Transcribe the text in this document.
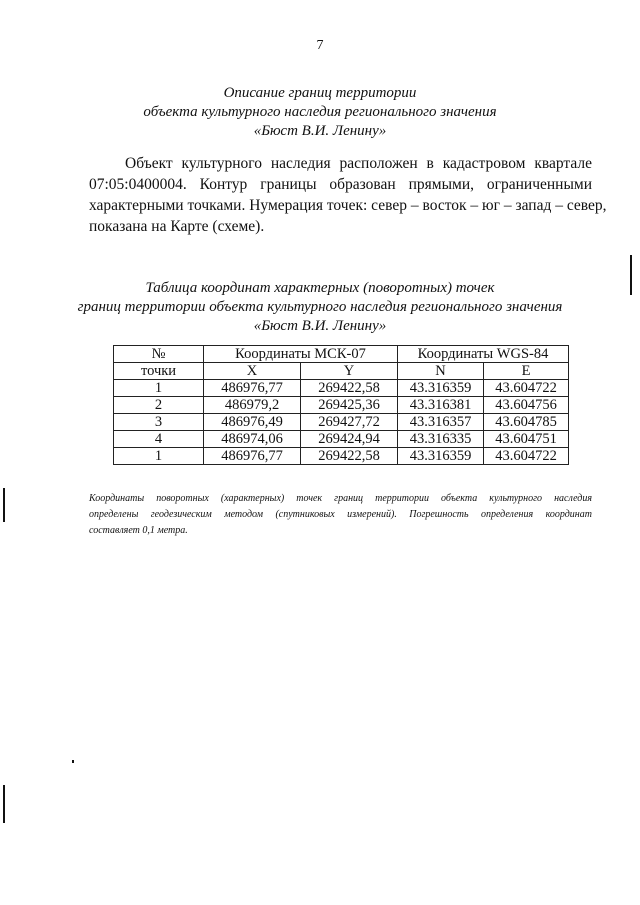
7
Описание границ территории
объекта культурного наследия регионального значения
«Бюст В.И. Ленину»
Объект культурного наследия расположен в кадастровом квартале
07:05:0400004. Контур границы образован прямыми, ограниченными
характерными точками. Нумерация точек: север – восток – юг – запад – север,
показана на Карте (схеме).
Таблица координат характерных (поворотных) точек
границ территории объекта культурного наследия регионального значения
«Бюст В.И. Ленину»
№	Координаты МСК-07		Координаты WGS-84	
точки	X	Y	N	E
1	486976,77	269422,58	43.316359	43.604722
2	486979,2	269425,36	43.316381	43.604756
3	486976,49	269427,72	43.316357	43.604785
4	486974,06	269424,94	43.316335	43.604751
1	486976,77	269422,58	43.316359	43.604722
Координаты поворотных (характерных) точек границ территории объекта культурного наследия
определены геодезическим методом (спутниковых измерений). Погрешность определения координат
составляет 0,1 метра.
